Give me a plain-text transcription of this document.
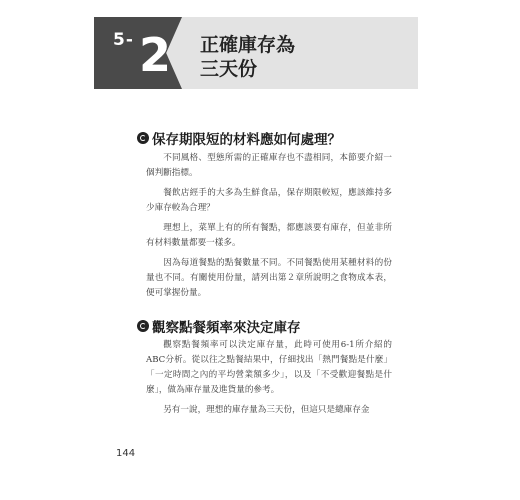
5- 2 正確庫存為
三天份
保存期限短的材料應如何處理？

不同風格、型態所需的正確庫存也不盡相同，本節要介紹一個判斷指標。

餐飲店經手的大多為生鮮食品，保存期限較短，應該維持多少庫存較為合理？

理想上，菜單上有的所有餐點，都應該要有庫存，但並非所有材料數量都要一樣多。

因為每道餐點的點餐數量不同。不同餐點使用某種材料的份量也不同。有關使用份量，請列出第２章所說明之食物成本表，便可掌握份量。

觀察點餐頻率來決定庫存

觀察點餐頻率可以決定庫存量，此時可使用6-1所介紹的ABC分析。從以往之點餐結果中，仔細找出「熱門餐點是什麼」「一定時間之內的平均營業額多少」，以及「不受歡迎餐點是什麼」，做為庫存量及進貨量的參考。

另有一說，理想的庫存量為三天份，但這只是總庫存金

144
